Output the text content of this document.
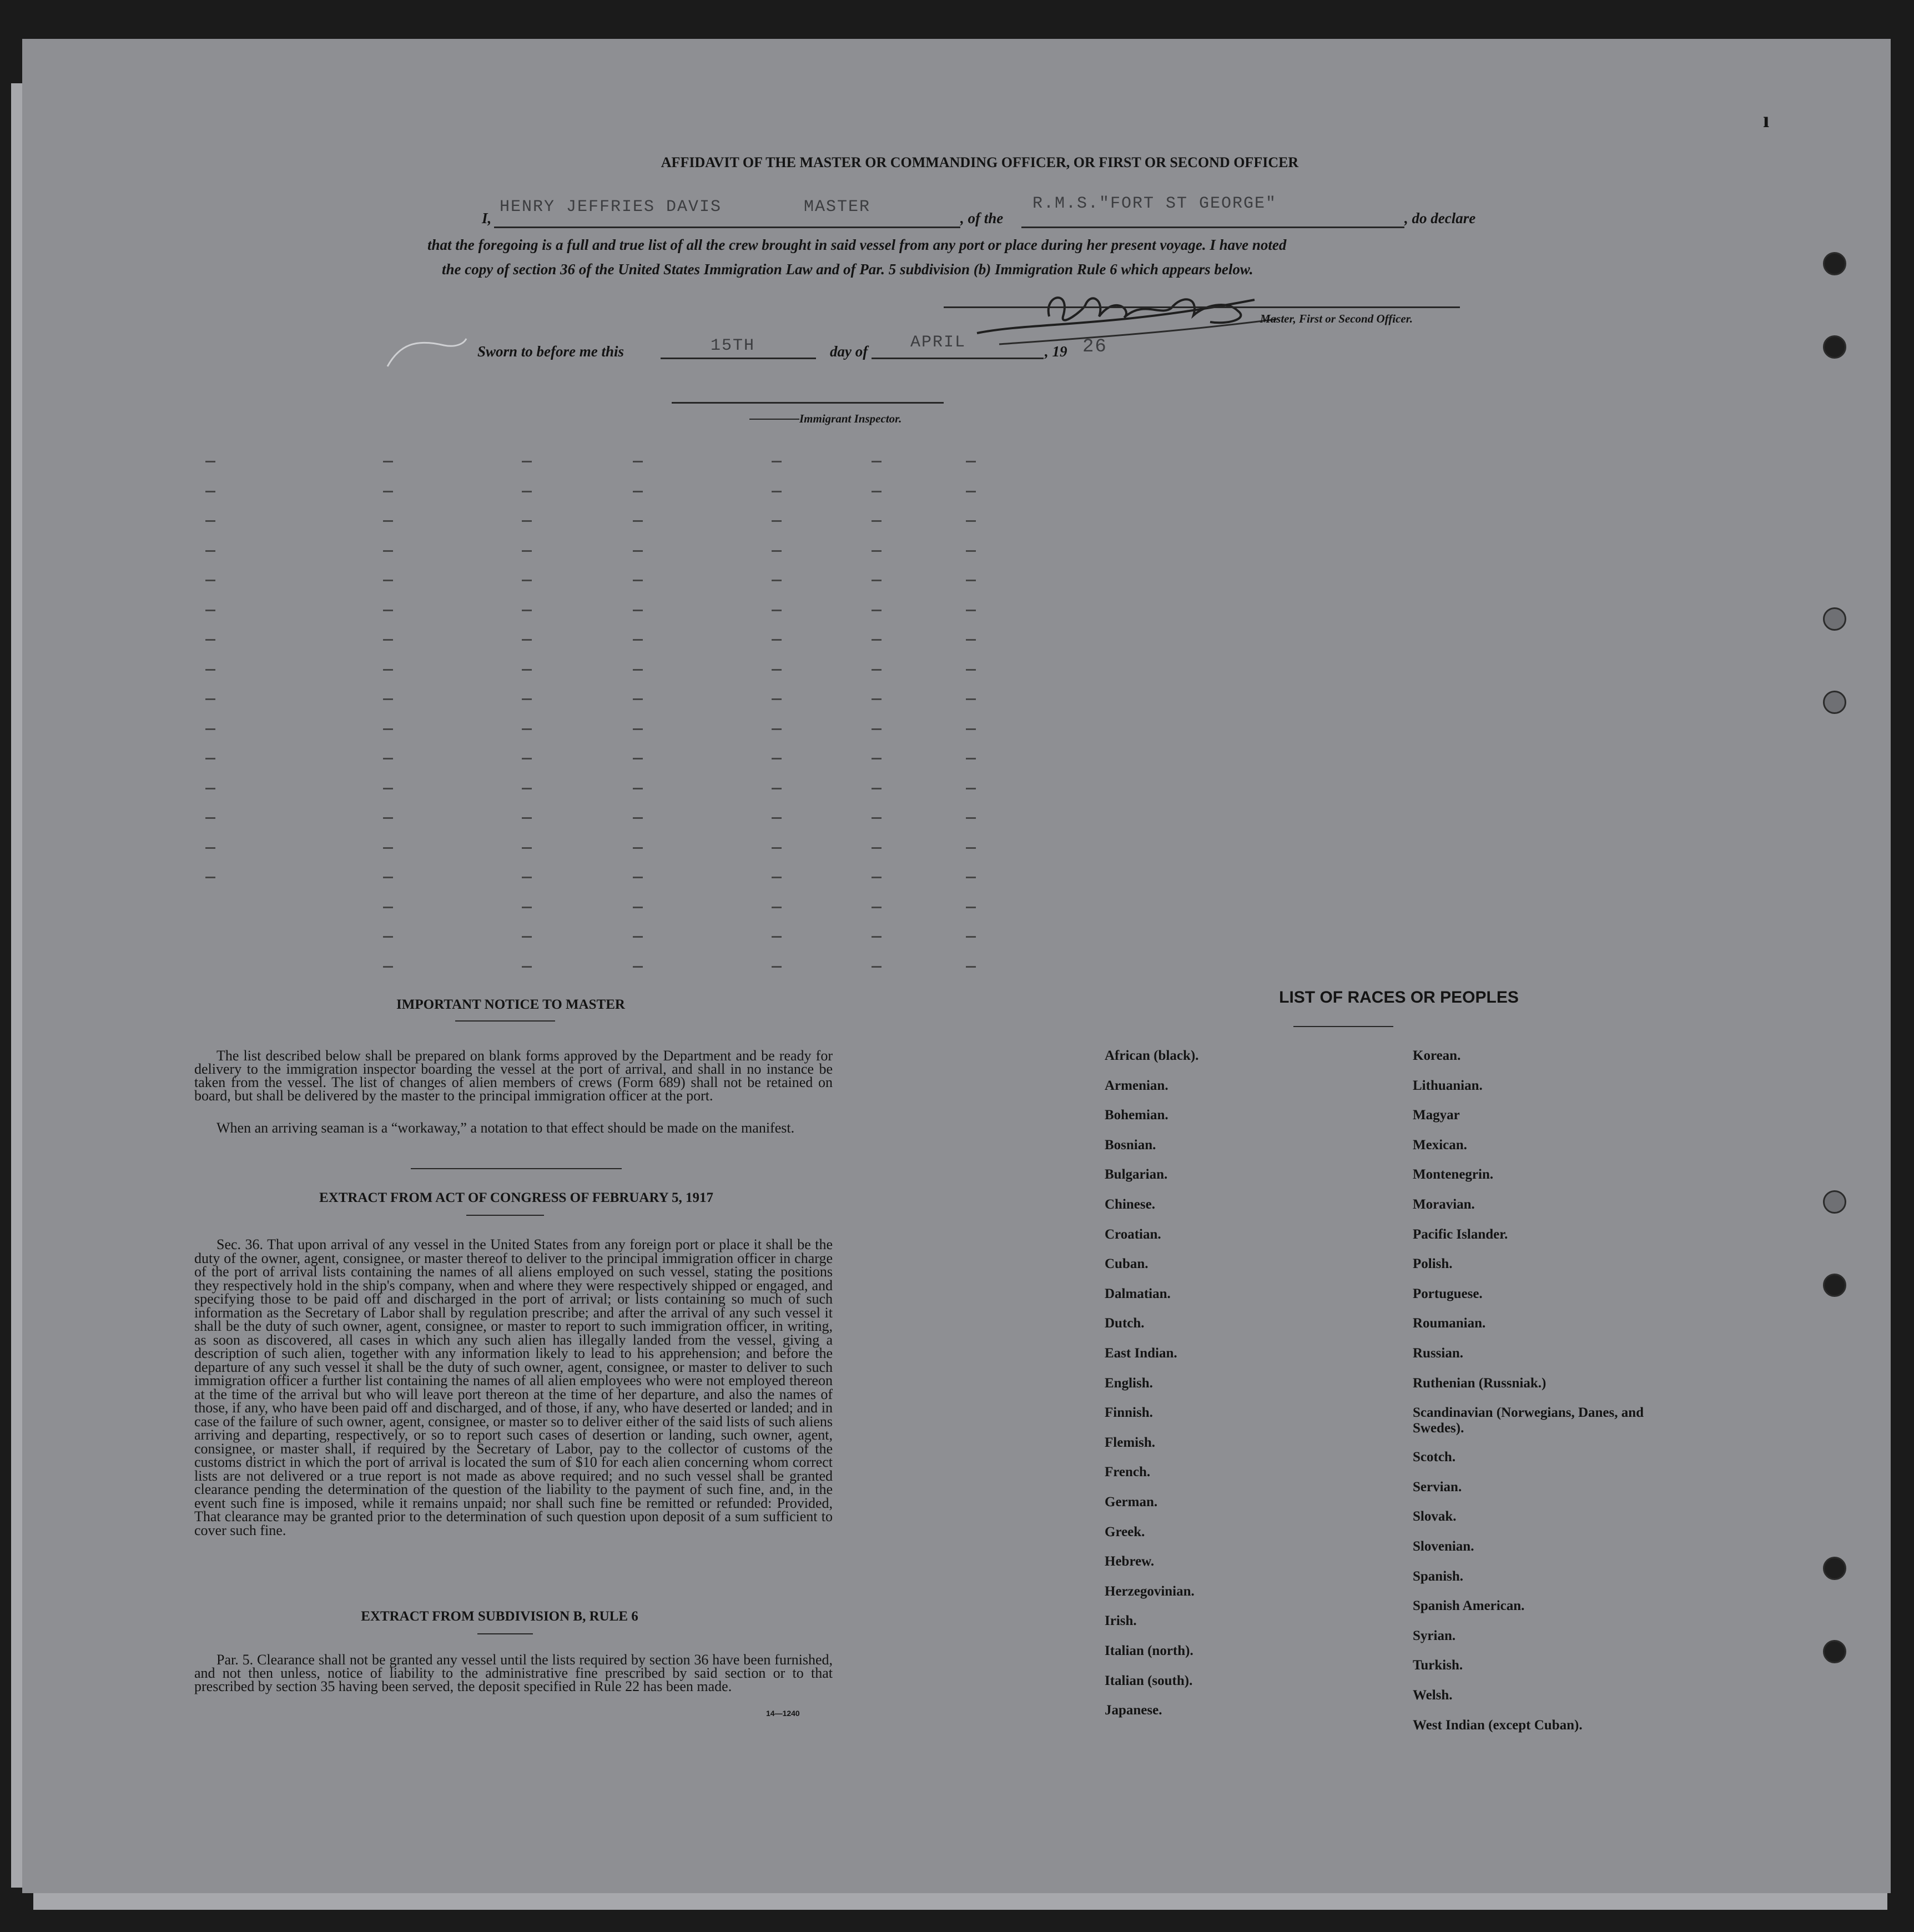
AFFIDAVIT OF THE MASTER OR COMMANDING OFFICER, OR FIRST OR SECOND OFFICER
I,
HENRY JEFFRIES DAVIS	MASTER
, of the
R.M.S."FORT ST GEORGE"
, do declare
that the foregoing is a full and true list of all the crew brought in said vessel from any port or place during her present voyage. I have noted
the copy of section 36 of the United States Immigration Law and of Par. 5 subdivision (b) Immigration Rule 6 which appears below.
Master, First or Second Officer.
Sworn to before me this	15TH	day of	APRIL	, 19 26
Immigrant Inspector.
IMPORTANT NOTICE TO MASTER
The list described below shall be prepared on blank forms approved by the Department and be ready for delivery to the immigration inspector boarding the vessel at the port of arrival, and shall in no instance be taken from the vessel. The list of changes of alien members of crews (Form 689) shall not be retained on board, but shall be delivered by the master to the principal immigration officer at the port.
When an arriving seaman is a “workaway,” a notation to that effect should be made on the manifest.
EXTRACT FROM ACT OF CONGRESS OF FEBRUARY 5, 1917
Sec. 36. That upon arrival of any vessel in the United States from any foreign port or place it shall be the duty of the owner, agent, consignee, or master thereof to deliver to the principal immigration officer in charge of the port of arrival lists containing the names of all aliens employed on such vessel, stating the positions they respectively hold in the ship's company, when and where they were respectively shipped or engaged, and specifying those to be paid off and discharged in the port of arrival; or lists containing so much of such information as the Secretary of Labor shall by regulation prescribe; and after the arrival of any such vessel it shall be the duty of such owner, agent, consignee, or master to report to such immigration officer, in writing, as soon as discovered, all cases in which any such alien has illegally landed from the vessel, giving a description of such alien, together with any information likely to lead to his apprehension; and before the departure of any such vessel it shall be the duty of such owner, agent, consignee, or master to deliver to such immigration officer a further list containing the names of all alien employees who were not employed thereon at the time of the arrival but who will leave port thereon at the time of her departure, and also the names of those, if any, who have been paid off and discharged, and of those, if any, who have deserted or landed; and in case of the failure of such owner, agent, consignee, or master so to deliver either of the said lists of such aliens arriving and departing, respectively, or so to report such cases of desertion or landing, such owner, agent, consignee, or master shall, if required by the Secretary of Labor, pay to the collector of customs of the customs district in which the port of arrival is located the sum of $10 for each alien concerning whom correct lists are not delivered or a true report is not made as above required; and no such vessel shall be granted clearance pending the determination of the question of the liability to the payment of such fine, and, in the event such fine is imposed, while it remains unpaid; nor shall such fine be remitted or refunded: Provided, That clearance may be granted prior to the determination of such question upon deposit of a sum sufficient to cover such fine.
EXTRACT FROM SUBDIVISION B, RULE 6
Par. 5. Clearance shall not be granted any vessel until the lists required by section 36 have been furnished, and not then unless, notice of liability to the administrative fine prescribed by said section or to that prescribed by section 35 having been served, the deposit specified in Rule 22 has been made.
14—1240
LIST OF RACES OR PEOPLES
African (black).
Armenian.
Bohemian.
Bosnian.
Bulgarian.
Chinese.
Croatian.
Cuban.
Dalmatian.
Dutch.
East Indian.
English.
Finnish.
Flemish.
French.
German.
Greek.
Hebrew.
Herzegovinian.
Irish.
Italian (north).
Italian (south).
Japanese.
Korean.
Lithuanian.
Magyar
Mexican.
Montenegrin.
Moravian.
Pacific Islander.
Polish.
Portuguese.
Roumanian.
Russian.
Ruthenian (Russniak.)
Scandinavian (Norwegians, Danes, and Swedes).
Scotch.
Servian.
Slovak.
Slovenian.
Spanish.
Spanish American.
Syrian.
Turkish.
Welsh.
West Indian (except Cuban).
ı
